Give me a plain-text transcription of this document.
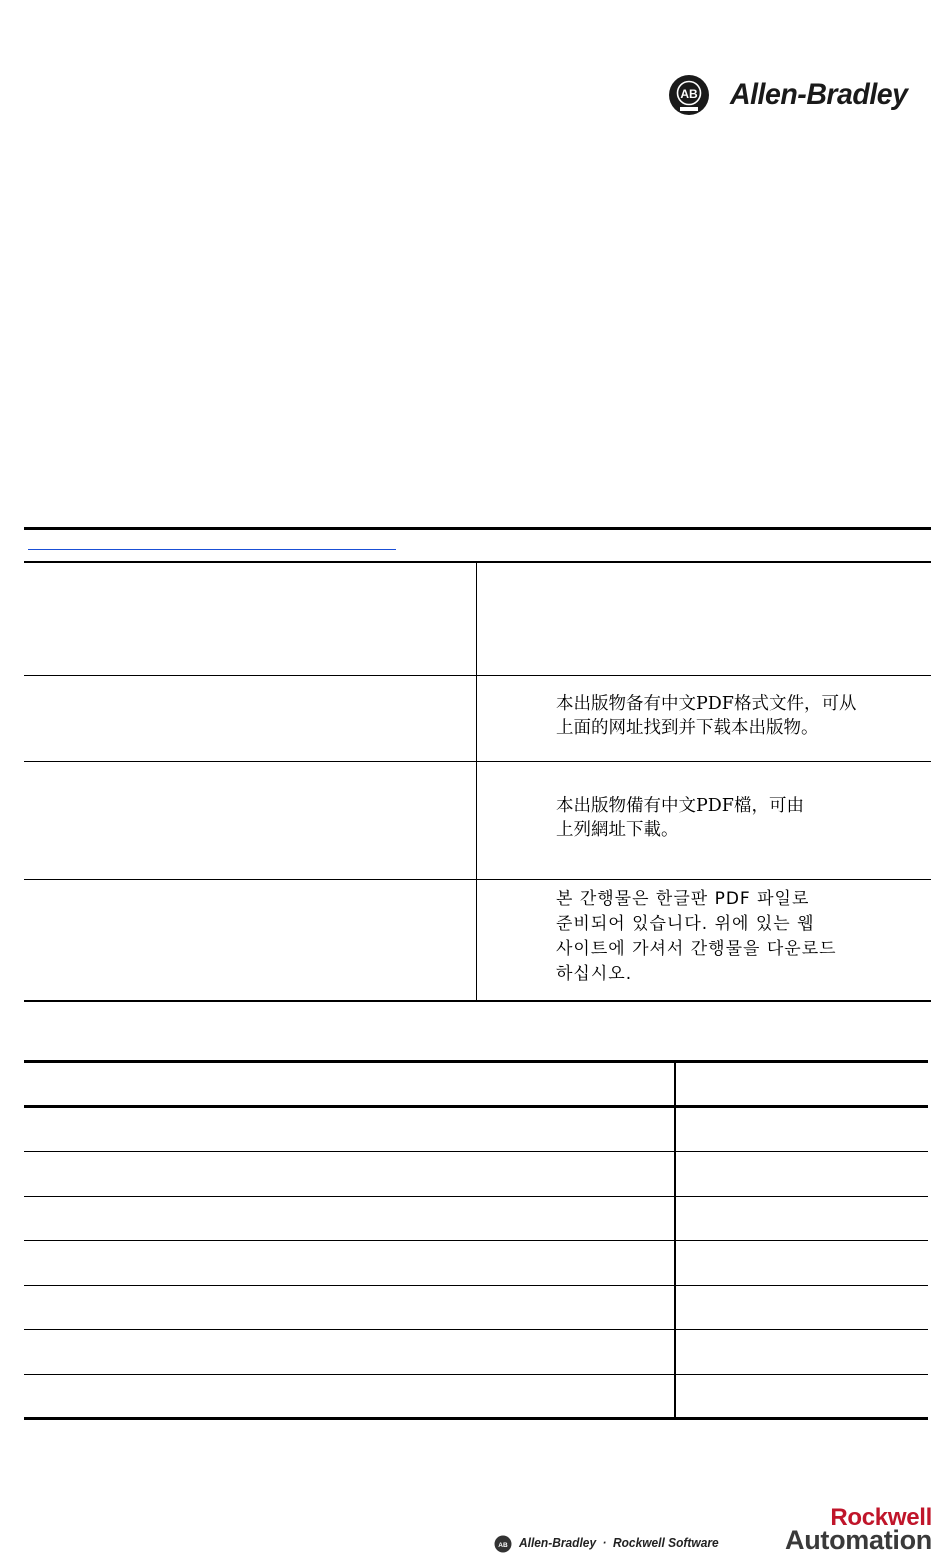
AB Allen-Bradley
本出版物备有中文PDF格式文件，可从
上面的网址找到并下载本出版物。
本出版物備有中文PDF檔，可由
上列網址下載。
본 간행물은 한글판 PDF 파일로
준비되어 있습니다. 위에 있는 웹
사이트에 가셔서 간행물을 다운로드
하십시오.
AB Allen-Bradley · Rockwell Software
Rockwell
Automation
